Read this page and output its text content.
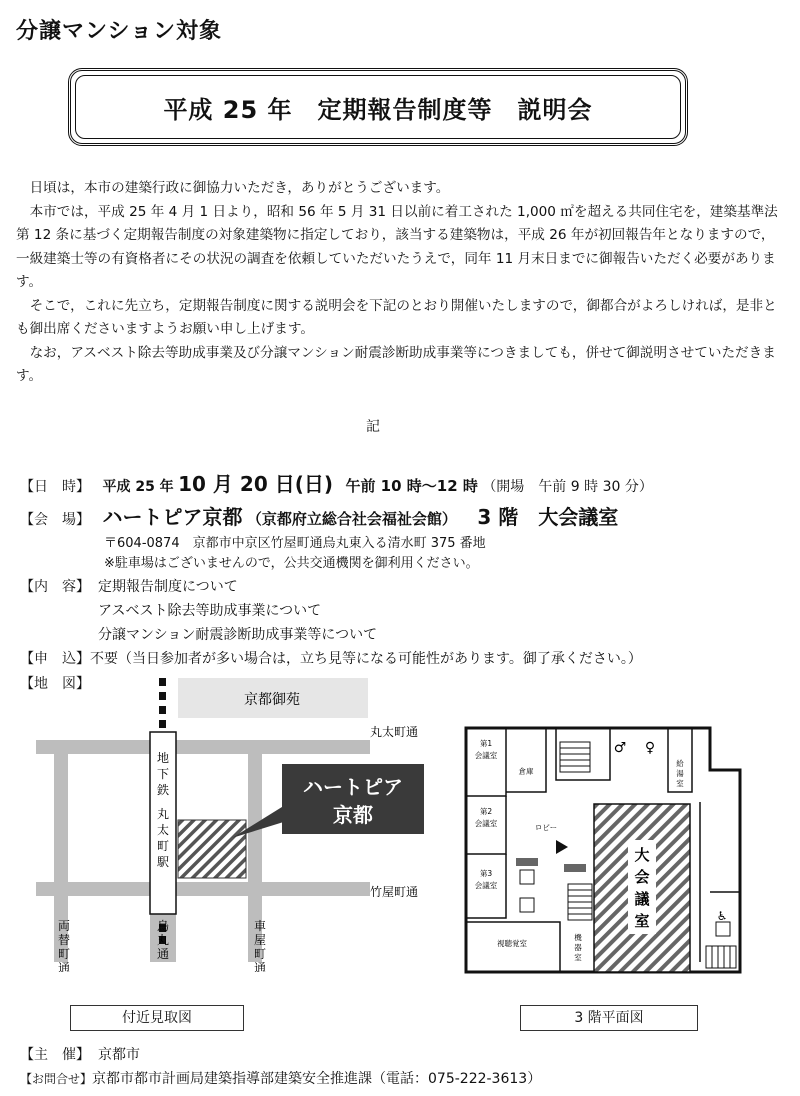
分譲マンション対象
平成 25 年　定期報告制度等　説明会

日頃は，本市の建築行政に御協力いただき，ありがとうございます。

本市では，平成 25 年 4 月 1 日より，昭和 56 年 5 月 31 日以前に着工された 1,000 ㎡を超える共同住宅を，建築基準法第 12 条に基づく定期報告制度の対象建築物に指定しており，該当する建築物は，平成 26 年が初回報告年となりますので，一級建築士等の有資格者にその状況の調査を依頼していただいたうえで，同年 11 月末日までに御報告いただく必要があります。

そこで，これに先立ち，定期報告制度に関する説明会を下記のとおり開催いたしますので，御都合がよろしければ，是非とも御出席くださいますようお願い申し上げます。

なお，アスベスト除去等助成事業及び分譲マンション耐震診断助成事業等につきましても，併せて御説明させていただきます。

記
【日　時】 平成 25 年 10 月 20 日(日) 午前 10 時～12 時 （開場　午前 9 時 30 分）
【会　場】 ハートピア京都 （京都府立総合社会福祉会館） 3 階　大会議室
〒604-0874　京都市中京区竹屋町通烏丸東入る清水町 375 番地
※駐車場はございませんので，公共交通機関を御利用ください。
【内　容】 定期報告制度について
アスベスト除去等助成事業について
分譲マンション耐震診断助成事業等について
【申　込】不要（当日参加者が多い場合は，立ち見等になる可能性があります。御了承ください。）
【地　図】
京都御苑
地
下
鉄
丸
太
町
駅
ハートピア
京都
丸太町通
竹屋町通
両
替
町
通
烏
丸
通
車
屋
町
通
付近見取図
大
会
議
室	♿
♂ ♀
第1
会議室
第2
会議室
第3
会議室
倉庫
ロビー
視聴覚室
給
湯
室
機
器
室
3 階平面図
【主　催】 京都市
【お問合せ】京都市都市計画局建築指導部建築安全推進課（電話：075-222-3613）
